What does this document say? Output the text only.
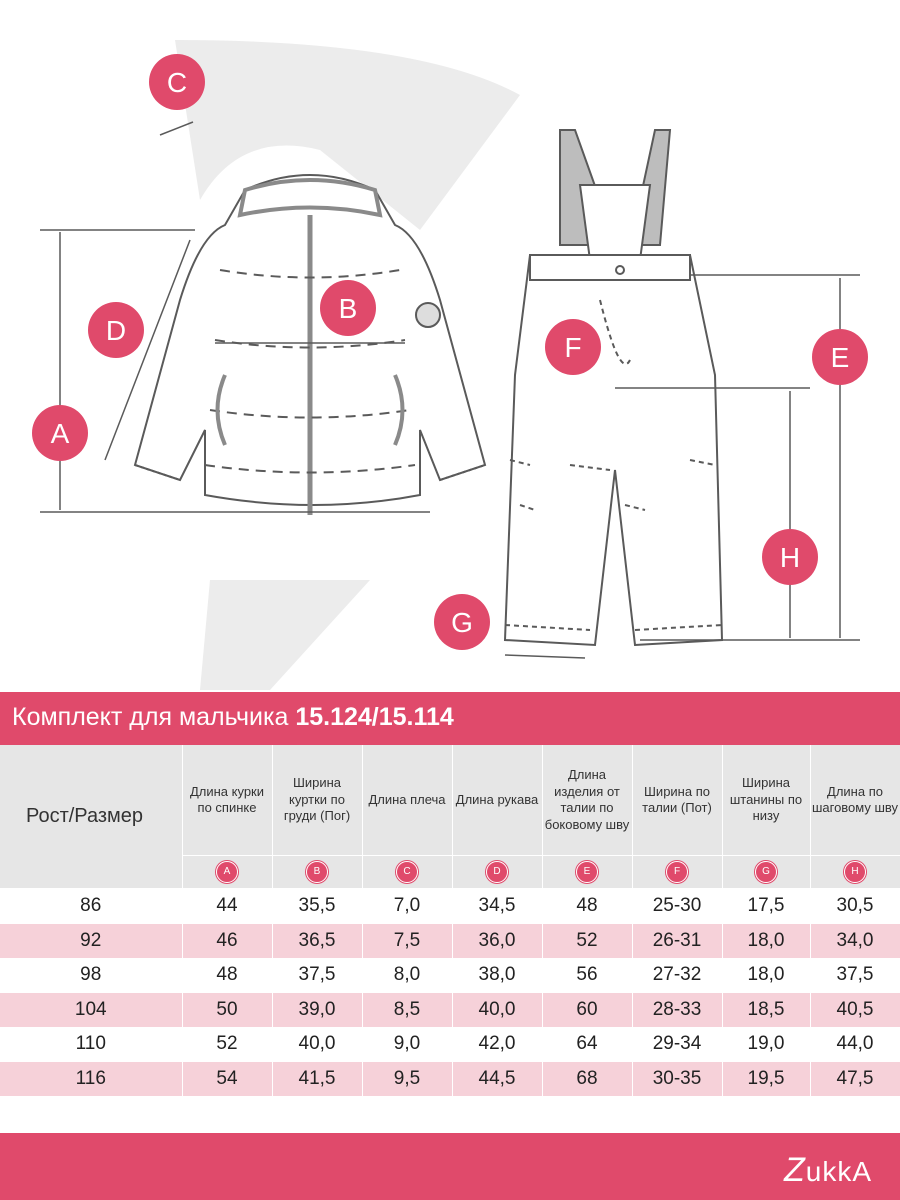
A
B
C
D
E
F
G
H
Комплект для мальчика 15.124/15.114
Рост/Размер	Длина курки по спинке	Ширина куртки по груди (Пог)	Длина плеча	Длина рукава	Длина изделия от талии по боковому шву	Ширина по талии (Пот)	Ширина штанины по низу	Длина по шаговому шву
	A	B	C	D	E	F	G	H
86	44	35,5	7,0	34,5	48	25-30	17,5	30,5
92	46	36,5	7,5	36,0	52	26-31	18,0	34,0
98	48	37,5	8,0	38,0	56	27-32	18,0	37,5
104	50	39,0	8,5	40,0	60	28-33	18,5	40,5
110	52	40,0	9,0	42,0	64	29-34	19,0	44,0
116	54	41,5	9,5	44,5	68	30-35	19,5	47,5
ZukkA
